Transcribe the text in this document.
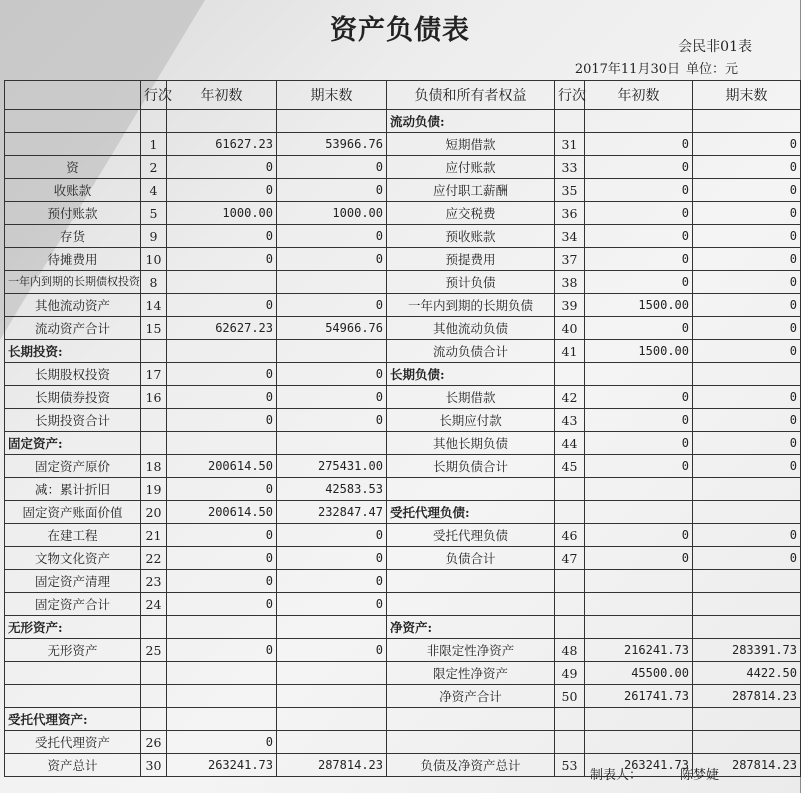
资产负债表
会民非01表
2017年11月30日 单位：元
	行次	年初数	期末数	负债和所有者权益	行次	年初数	期末数
				流动负债:			
	1	61627.23	53966.76	短期借款	31	0	0
资	2	0	0	应付账款	33	0	0
收账款	4	0	0	应付职工薪酬	35	0	0
预付账款	5	1000.00	1000.00	应交税费	36	0	0
存货	9	0	0	预收账款	34	0	0
待摊费用	10	0	0	预提费用	37	0	0
一年内到期的长期债权投资	8			预计负债	38	0	0
其他流动资产	14	0	0	一年内到期的长期负债	39	1500.00	0
流动资产合计	15	62627.23	54966.76	其他流动负债	40	0	0
长期投资:				流动负债合计	41	1500.00	0
长期股权投资	17	0	0	长期负债:			
长期债券投资	16	0	0	长期借款	42	0	0
长期投资合计		0	0	长期应付款	43	0	0
固定资产:				其他长期负债	44	0	0
固定资产原价	18	200614.50	275431.00	长期负债合计	45	0	0
减：累计折旧	19	0	42583.53				
固定资产账面价值	20	200614.50	232847.47	受托代理负债:			
在建工程	21	0	0	受托代理负债	46	0	0
文物文化资产	22	0	0	负债合计	47	0	0
固定资产清理	23	0	0				
固定资产合计	24	0	0				
无形资产:				净资产:			
无形资产	25	0	0	非限定性净资产	48	216241.73	283391.73
				限定性净资产	49	45500.00	4422.50
				净资产合计	50	261741.73	287814.23
受托代理资产:							
受托代理资产	26	0					
资产总计	30	263241.73	287814.23	负债及净资产总计	53	263241.73	287814.23
制表人：	陈梦婕
